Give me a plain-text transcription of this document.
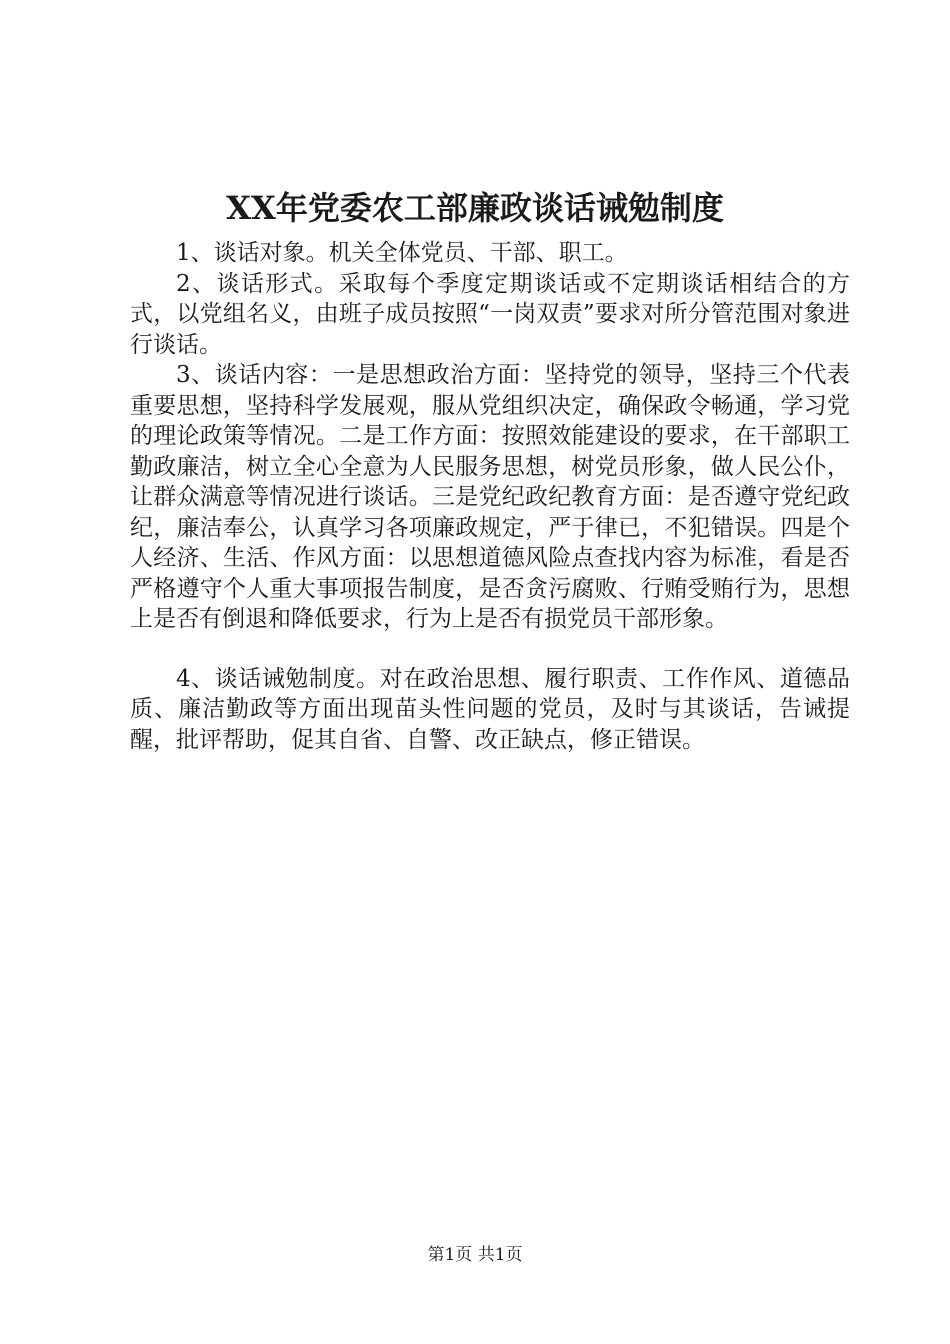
XX年党委农工部廉政谈话诫勉制度

1、谈话对象。机关全体党员、干部、职工。

2、谈话形式。采取每个季度定期谈话或不定期谈话相结合的方式，以党组名义，由班子成员按照“一岗双责”要求对所分管范围对象进行谈话。

3、谈话内容：一是思想政治方面：坚持党的领导，坚持三个代表重要思想，坚持科学发展观，服从党组织决定，确保政令畅通，学习党的理论政策等情况。二是工作方面：按照效能建设的要求，在干部职工勤政廉洁，树立全心全意为人民服务思想，树党员形象，做人民公仆，让群众满意等情况进行谈话。三是党纪政纪教育方面：是否遵守党纪政纪，廉洁奉公，认真学习各项廉政规定，严于律已，不犯错误。四是个人经济、生活、作风方面：以思想道德风险点查找内容为标准，看是否严格遵守个人重大事项报告制度，是否贪污腐败、行贿受贿行为，思想上是否有倒退和降低要求，行为上是否有损党员干部形象。

4、谈话诫勉制度。对在政治思想、履行职责、工作作风、道德品质、廉洁勤政等方面出现苗头性问题的党员，及时与其谈话，告诫提醒，批评帮助，促其自省、自警、改正缺点，修正错误。

第1页 共1页
